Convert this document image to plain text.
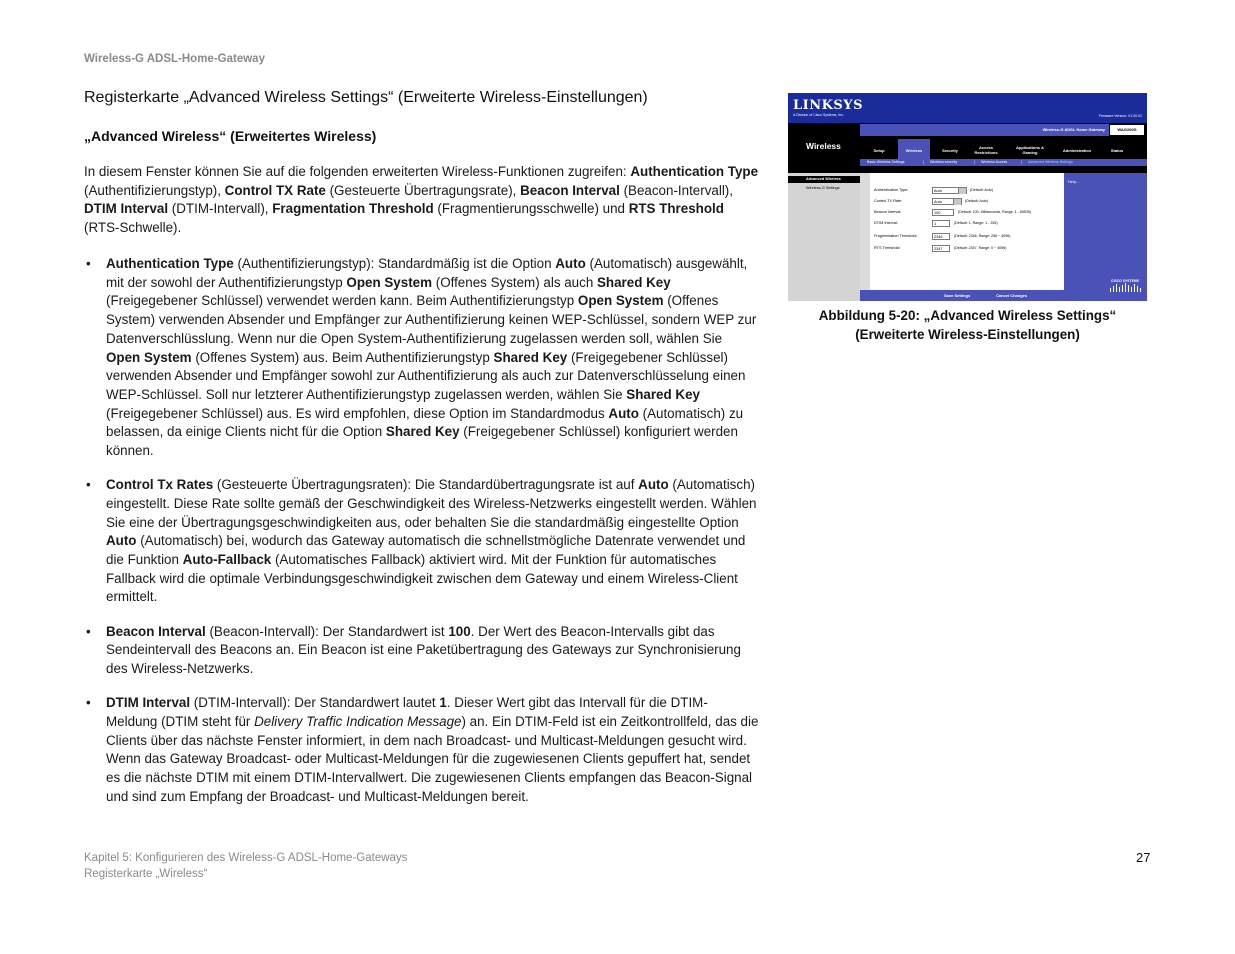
Wireless-G ADSL-Home-Gateway
Registerkarte „Advanced Wireless Settings“ (Erweiterte Wireless-Einstellungen)
„Advanced Wireless“ (Erweitertes Wireless)

In diesem Fenster können Sie auf die folgenden erweiterten Wireless-Funktionen zugreifen: Authentication Type (Authentifizierungstyp), Control TX Rate (Gesteuerte Übertragungsrate), Beacon Interval (Beacon-Intervall), DTIM Interval (DTIM-Intervall), Fragmentation Threshold (Fragmentierungsschwelle) und RTS Threshold (RTS-Schwelle).

• Authentication Type (Authentifizierungstyp): Standardmäßig ist die Option Auto (Automatisch) ausgewählt, mit der sowohl der Authentifizierungstyp Open System (Offenes System) als auch Shared Key (Freigegebener Schlüssel) verwendet werden kann. Beim Authentifizierungstyp Open System (Offenes System) verwenden Absender und Empfänger zur Authentifizierung keinen WEP-Schlüssel, sondern WEP zur Datenverschlüsslung. Wenn nur die Open System-Authentifizierung zugelassen werden soll, wählen Sie Open System (Offenes System) aus. Beim Authentifizierungstyp Shared Key (Freigegebener Schlüssel) verwenden Absender und Empfänger sowohl zur Authentifizierung als auch zur Datenverschlüsselung einen WEP-Schlüssel. Soll nur letzterer Authentifizierungstyp zugelassen werden, wählen Sie Shared Key (Freigegebener Schlüssel) aus. Es wird empfohlen, diese Option im Standardmodus Auto (Automatisch) zu belassen, da einige Clients nicht für die Option Shared Key (Freigegebener Schlüssel) konfiguriert werden können.
• Control Tx Rates (Gesteuerte Übertragungsraten): Die Standardübertragungsrate ist auf Auto (Automatisch) eingestellt. Diese Rate sollte gemäß der Geschwindigkeit des Wireless-Netzwerks eingestellt werden. Wählen Sie eine der Übertragungsgeschwindigkeiten aus, oder behalten Sie die standardmäßig eingestellte Option Auto (Automatisch) bei, wodurch das Gateway automatisch die schnellstmögliche Datenrate verwendet und die Funktion Auto-Fallback (Automatisches Fallback) aktiviert wird. Mit der Funktion für automatisches Fallback wird die optimale Verbindungsgeschwindigkeit zwischen dem Gateway und einem Wireless-Client ermittelt.
• Beacon Interval (Beacon-Intervall): Der Standardwert ist 100. Der Wert des Beacon-Intervalls gibt das Sendeintervall des Beacons an. Ein Beacon ist eine Paketübertragung des Gateways zur Synchronisierung des Wireless-Netzwerks.
• DTIM Interval (DTIM-Intervall): Der Standardwert lautet 1. Dieser Wert gibt das Intervall für die DTIM-Meldung (DTIM steht für Delivery Traffic Indication Message) an. Ein DTIM-Feld ist ein Zeitkontrollfeld, das die Clients über das nächste Fenster informiert, in dem nach Broadcast- und Multicast-Meldungen gesucht wird. Wenn das Gateway Broadcast- oder Multicast-Meldungen für die zugewiesenen Clients gepuffert hat, sendet es die nächste DTIM mit einem DTIM-Intervallwert. Die zugewiesenen Clients empfangen das Beacon-Signal und sind zum Empfang der Broadcast- und Multicast-Meldungen bereit.
LINKSYS
A Division of Cisco Systems, Inc.	Firmware Version: V1.00.01
Wireless
Wireless-G ADSL Home Gateway	WAG200G
Setup	Wireless	Security
Access Restrictions
Applications & Gaming	Administration	Status
Basic Wireless Settings	| Wireless security	| Wireless Access	| Advanced Wireless Settings
Advanced Wireless
Wireless-G Settings	Authentication Type:	Auto	(Default: Auto)
Control TX Rate:	Auto	(Default: Auto)
Beacon Interval:	100	(Default: 100, Milliseconds, Range: 1 - 65535)
DTIM Interval:	1	(Default: 1, Range: 1 - 255)
Fragmentation Threshold:	2346	(Default: 2346, Range: 256 ~ 4096)
RTS Threshold:	2347	(Default: 2347, Range: 0 ~ 4096)
Help...
CISCO SYSTEMS
Save Settings	Cancel Changes
Abbildung 5-20: „Advanced Wireless Settings“
(Erweiterte Wireless-Einstellungen)
Kapitel 5: Konfigurieren des Wireless-G ADSL-Home-Gateways
Registerkarte „Wireless“
27
